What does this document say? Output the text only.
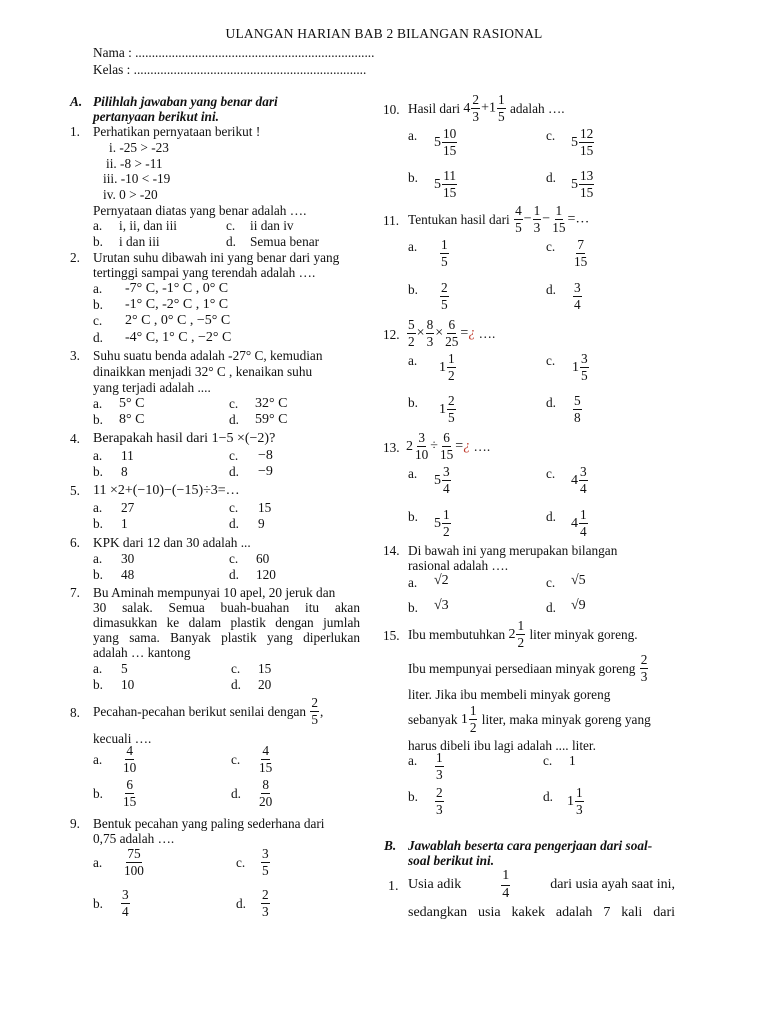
ULANGAN HARIAN BAB 2 BILANGAN RASIONAL
Nama : ........................................................................
Kelas : ......................................................................
A. Pilihlah jawaban yang benar dari
pertanyaan berikut ini.
1. Perhatikan pernyataan berikut !
i. -25 > -23
ii. -8 > -11
iii. -10 < -19
iv. 0 > -20
Pernyataan diatas yang benar adalah ….
a. i, ii, dan iii	c. ii dan iv
b. i dan iii	d. Semua benar
2. Urutan suhu dibawah ini yang benar dari yang
tertinggi sampai yang terendah adalah ….
a. -7° C, -1° C , 0° C
b. -1° C, -2° C , 1° C
c. 2° C , 0° C , −5° C
d. -4° C, 1° C , −2° C
3. Suhu suatu benda adalah -27° C, kemudian
dinaikkan menjadi 32° C , kenaikan suhu
yang terjadi adalah ....
a. 5° C	c. 32° C
b. 8° C	d. 59° C
4. Berapakah hasil dari 1−5 ×(−2)?
a. 11	c. −8
b. 8	d. −9
5. 11 ×2+(−10)−(−15)÷3=…
a. 27	c. 15
b. 1	d. 9
6. KPK dari 12 dan 30 adalah ...
a. 30	c. 60
b. 48	d. 120
7. Bu Aminah mempunyai 10 apel, 20 jeruk dan
30 salak. Semua buah-buahan itu akan
dimasukkan ke dalam plastik dengan jumlah
yang sama. Banyak plastik yang diperlukan
adalah … kantong
a. 5	c. 15
b. 10	d. 20
8. Pecahan-pecahan berikut senilai dengan $\frac{2}{5}$ ,
kecuali ….
a. $\frac{4}{10}$	c. $\frac{4}{15}$
b. $\frac{6}{15}$	d. $\frac{8}{20}$
9. Bentuk pecahan yang paling sederhana dari
0,75 adalah ….
a. $\frac{75}{100}$	c. $\frac{3}{5}$
b. $\frac{3}{4}$	d. $\frac{2}{3}$
10. Hasil dari $4 \frac{2}{3} +1 \frac{1}{5}$ adalah ….
a. $5 \frac{10}{15}$	c. $5 \frac{12}{15}$
b. $5 \frac{11}{15}$	d. $5 \frac{13}{15}$
11. Tentukan hasil dari $\frac{4}{5} - \frac{1}{3} - \frac{1}{15}$ =…
a. $\frac{1}{5}$	c. $\frac{7}{15}$
b. $\frac{2}{5}$	d. $\frac{3}{4}$
12. $\frac{5}{2} \times \frac{8}{3} \times \frac{6}{25}$ =¿ ….
a. $1 \frac{1}{2}$	c. $1 \frac{3}{5}$
b. $1 \frac{2}{5}$	d. $\frac{5}{8}$
13. $2 \frac{3}{10} \div \frac{6}{15}$ =¿ ….
a. $5 \frac{3}{4}$	c. $4 \frac{3}{4}$
b. $5 \frac{1}{2}$	d. $4 \frac{1}{4}$
14. Di bawah ini yang merupakan bilangan
rasional adalah ….
a. √2	c. √5
b. √3	d. √9
15. Ibu membutuhkan $2 \frac{1}{2}$ liter minyak goreng.
Ibu mempunyai persediaan minyak goreng $\frac{2}{3}$
liter. Jika ibu membeli minyak goreng
sebanyak $1 \frac{1}{2}$ liter, maka minyak goreng yang
harus dibeli ibu lagi adalah .... liter.
a. $\frac{1}{3}$	c. 1
b. $\frac{2}{3}$	d. $1 \frac{1}{3}$
B. Jawablah beserta cara pengerjaan dari soal-
soal berikut ini.
1. Usia adik	$\frac{1}{4}$	dari usia ayah saat ini,
sedangkan usia kakek adalah 7 kali dari
